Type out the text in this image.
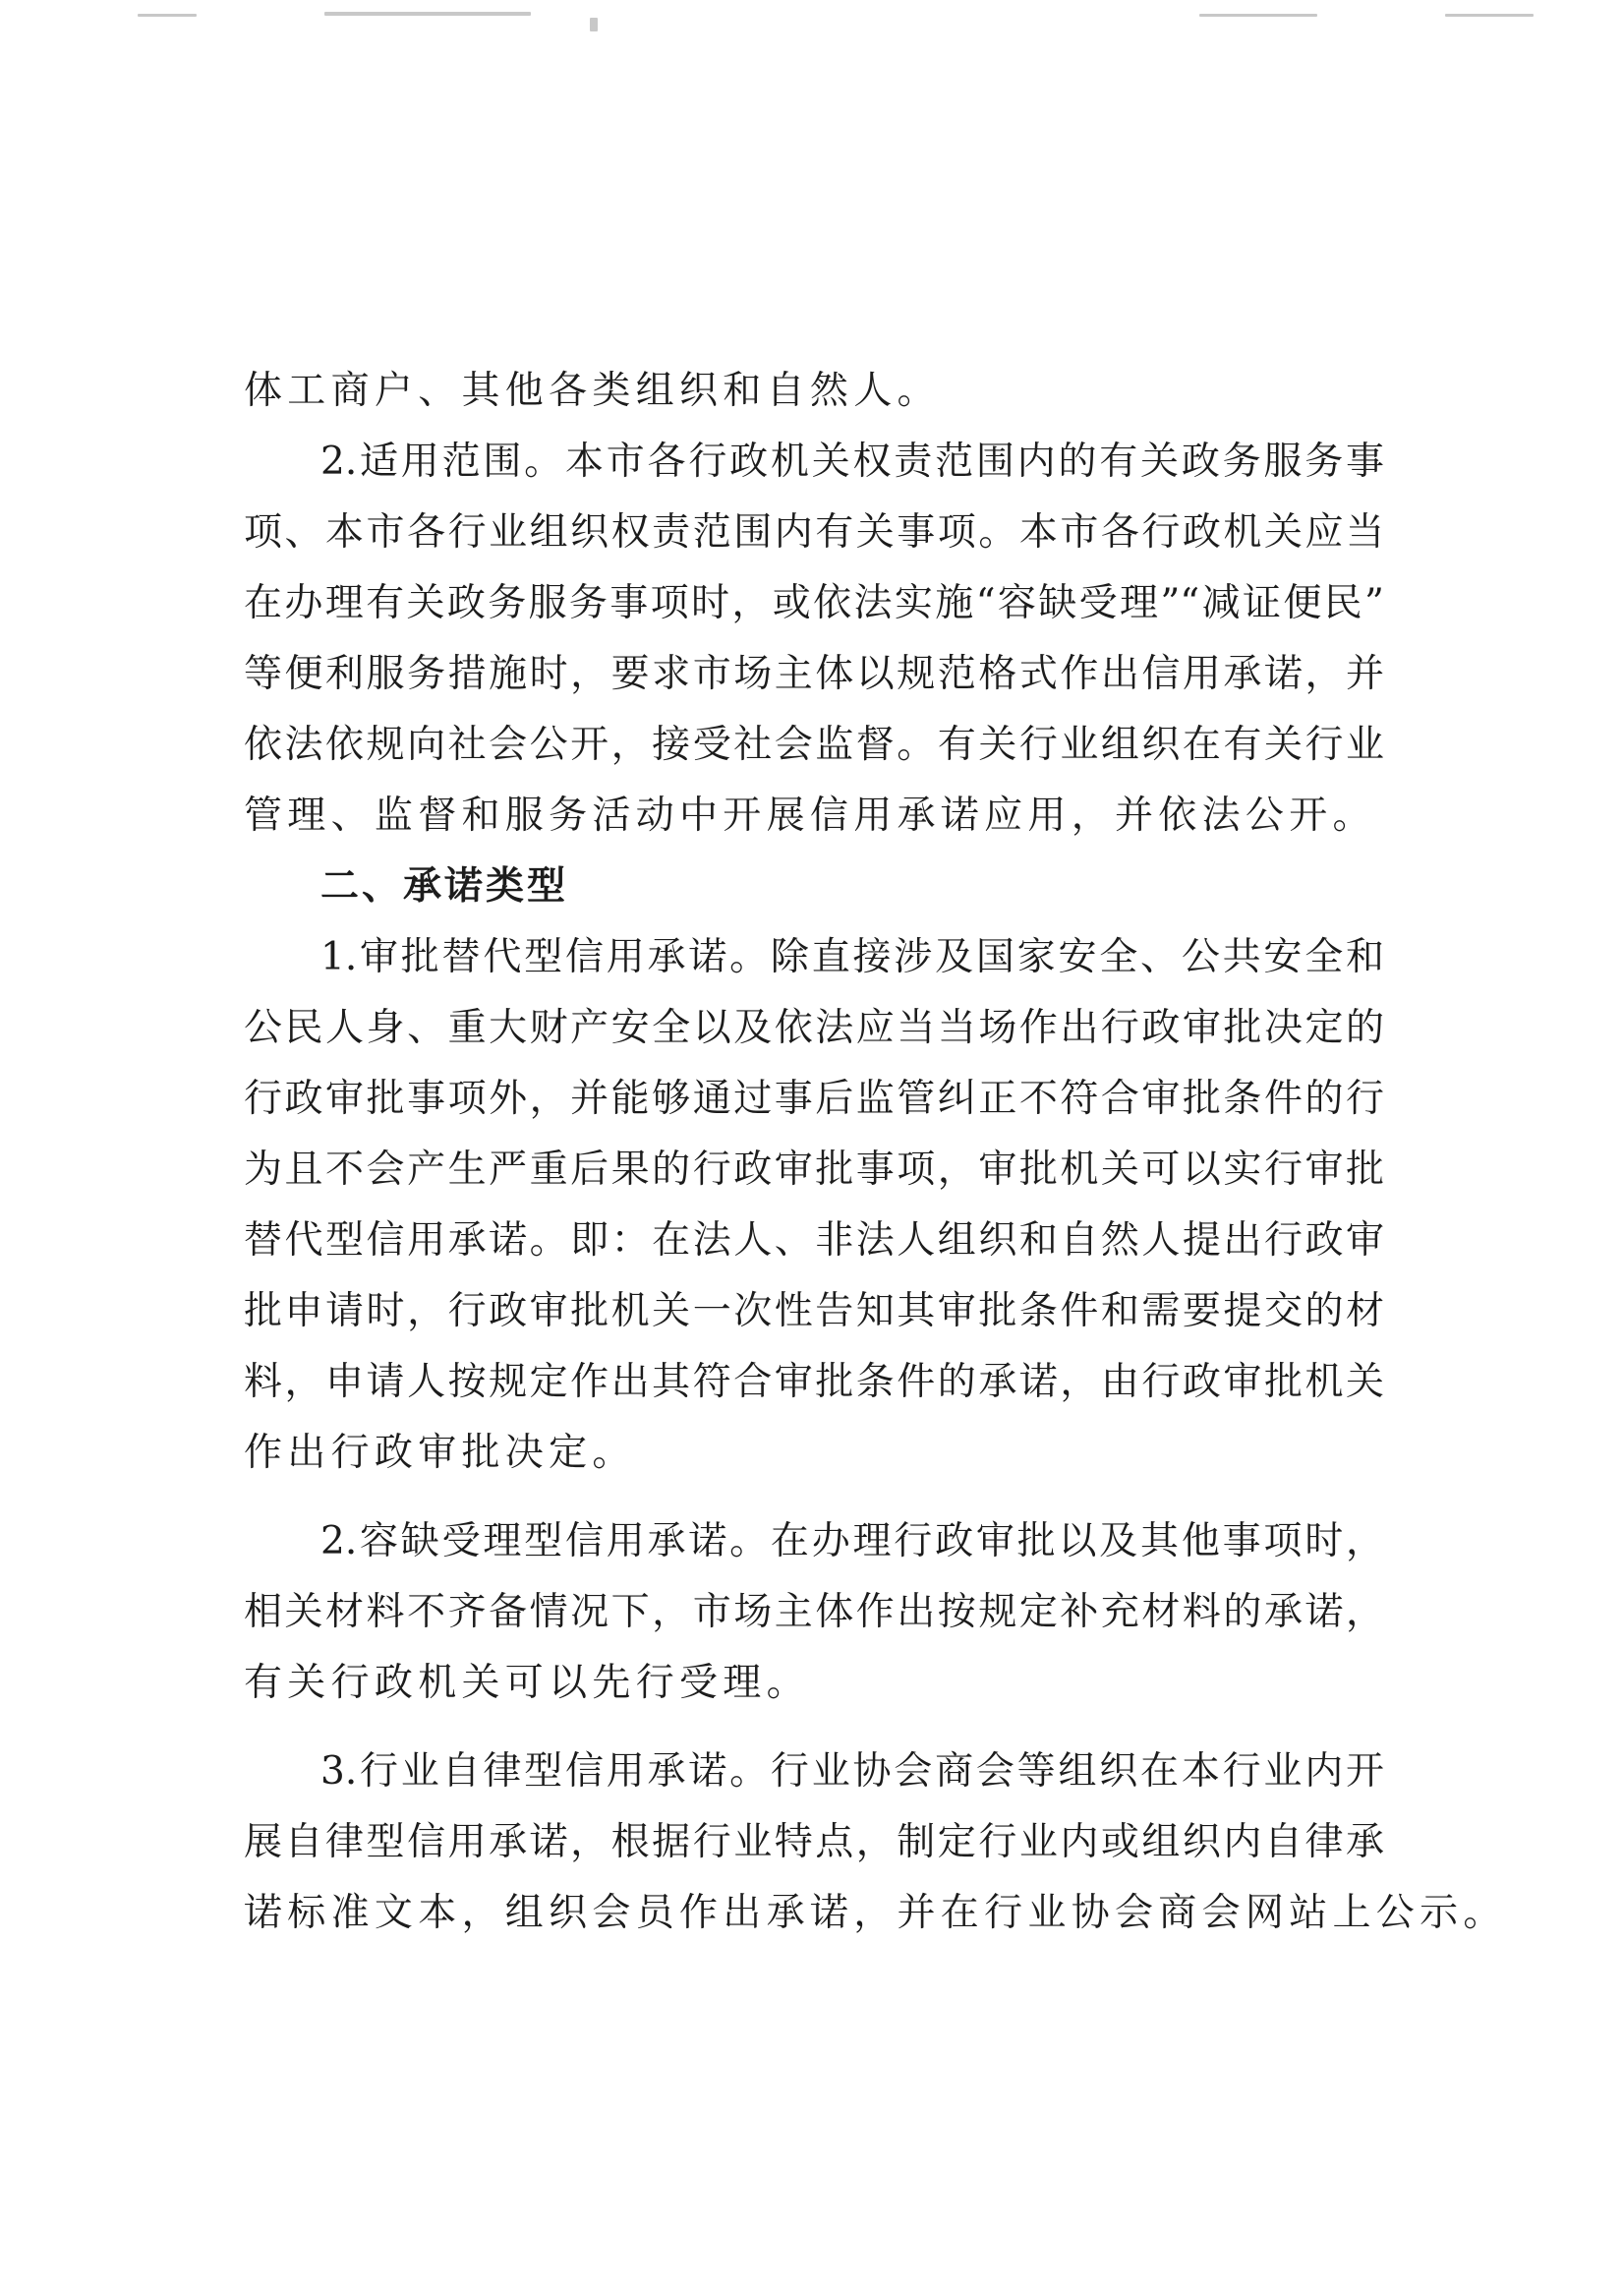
体工商户、其他各类组织和自然人。

2.适用范围。本市各行政机关权责范围内的有关政务服务事

项、本市各行业组织权责范围内有关事项。本市各行政机关应当

在办理有关政务服务事项时，或依法实施“容缺受理”“减证便民”

等便利服务措施时，要求市场主体以规范格式作出信用承诺，并

依法依规向社会公开，接受社会监督。有关行业组织在有关行业

管理、监督和服务活动中开展信用承诺应用，并依法公开。

二、承诺类型

1.审批替代型信用承诺。除直接涉及国家安全、公共安全和

公民人身、重大财产安全以及依法应当当场作出行政审批决定的

行政审批事项外，并能够通过事后监管纠正不符合审批条件的行

为且不会产生严重后果的行政审批事项，审批机关可以实行审批

替代型信用承诺。即：在法人、非法人组织和自然人提出行政审

批申请时，行政审批机关一次性告知其审批条件和需要提交的材

料，申请人按规定作出其符合审批条件的承诺，由行政审批机关

作出行政审批决定。

2.容缺受理型信用承诺。在办理行政审批以及其他事项时，

相关材料不齐备情况下，市场主体作出按规定补充材料的承诺，

有关行政机关可以先行受理。

3.行业自律型信用承诺。行业协会商会等组织在本行业内开

展自律型信用承诺，根据行业特点，制定行业内或组织内自律承

诺标准文本，组织会员作出承诺，并在行业协会商会网站上公示。
